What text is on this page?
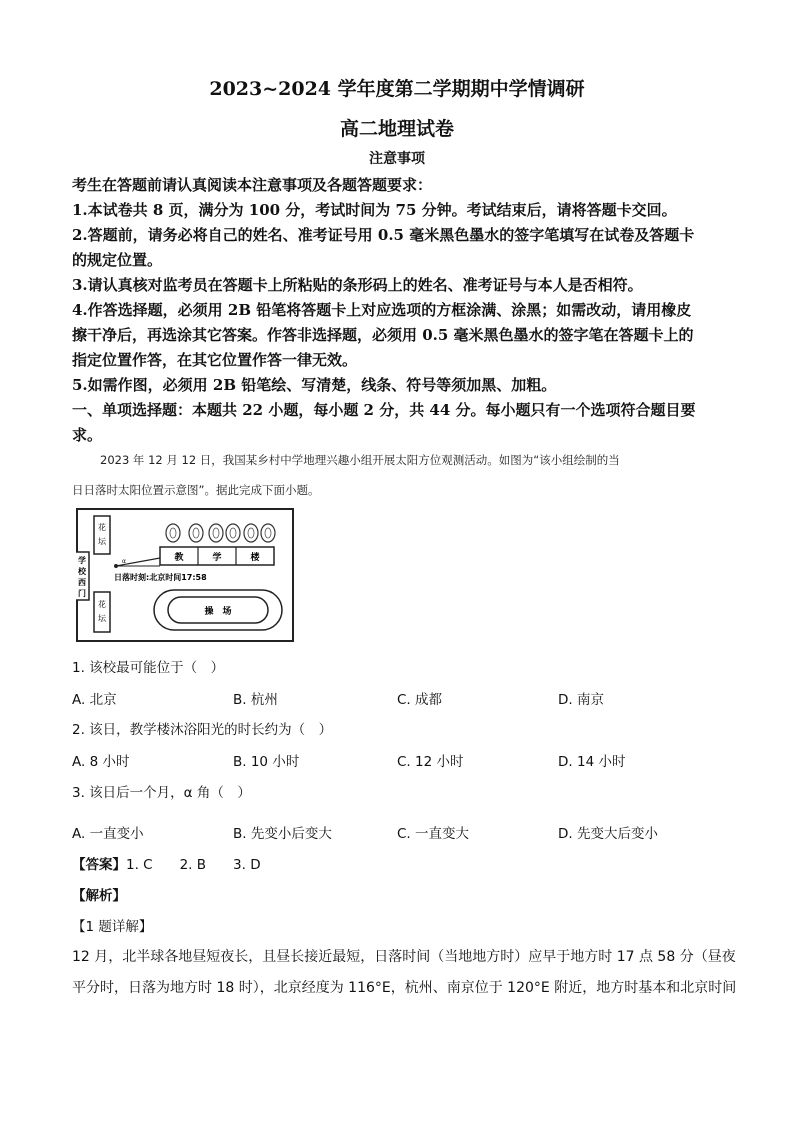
2023~2024 学年度第二学期期中学情调研
高二地理试卷
注意事项
考生在答题前请认真阅读本注意事项及各题答题要求：
1.本试卷共 8 页，满分为 100 分，考试时间为 75 分钟。考试结束后，请将答题卡交回。
2.答题前，请务必将自己的姓名、准考证号用 0.5 毫米黑色墨水的签字笔填写在试卷及答题卡
的规定位置。
3.请认真核对监考员在答题卡上所粘贴的条形码上的姓名、准考证号与本人是否相符。
4.作答选择题，必须用 2B 铅笔将答题卡上对应选项的方框涂满、涂黑；如需改动，请用橡皮
擦干净后，再选涂其它答案。作答非选择题，必须用 0.5 毫米黑色墨水的签字笔在答题卡上的
指定位置作答，在其它位置作答一律无效。
5.如需作图，必须用 2B 铅笔绘、写清楚，线条、符号等须加黑、加粗。
一、单项选择题：本题共 22 小题，每小题 2 分，共 44 分。每小题只有一个选项符合题目要
求。
2023 年 12 月 12 日，我国某乡村中学地理兴趣小组开展太阳方位观测活动。如图为“该小组绘制的当
日日落时太阳位置示意图”。据此完成下面小题。
学
校
西
门
花
坛
花
坛
教	学	楼
α
日落时刻:北京时间17:58
操　场
1. 该校最可能位于（　）
A. 北京	B. 杭州	C. 成都	D. 南京
2. 该日，教学楼沐浴阳光的时长约为（　）
A. 8 小时	B. 10 小时	C. 12 小时	D. 14 小时
3. 该日后一个月，α 角（　）
A. 一直变小	B. 先变小后变大	C. 一直变大	D. 先变大后变小
【答案】1. C　　2. B　　3. D
【解析】
【1 题详解】
12 月，北半球各地昼短夜长，且昼长接近最短，日落时间（当地地方时）应早于地方时 17 点 58 分（昼夜
平分时，日落为地方时 18 时），北京经度为 116°E，杭州、南京位于 120°E 附近，地方时基本和北京时间
